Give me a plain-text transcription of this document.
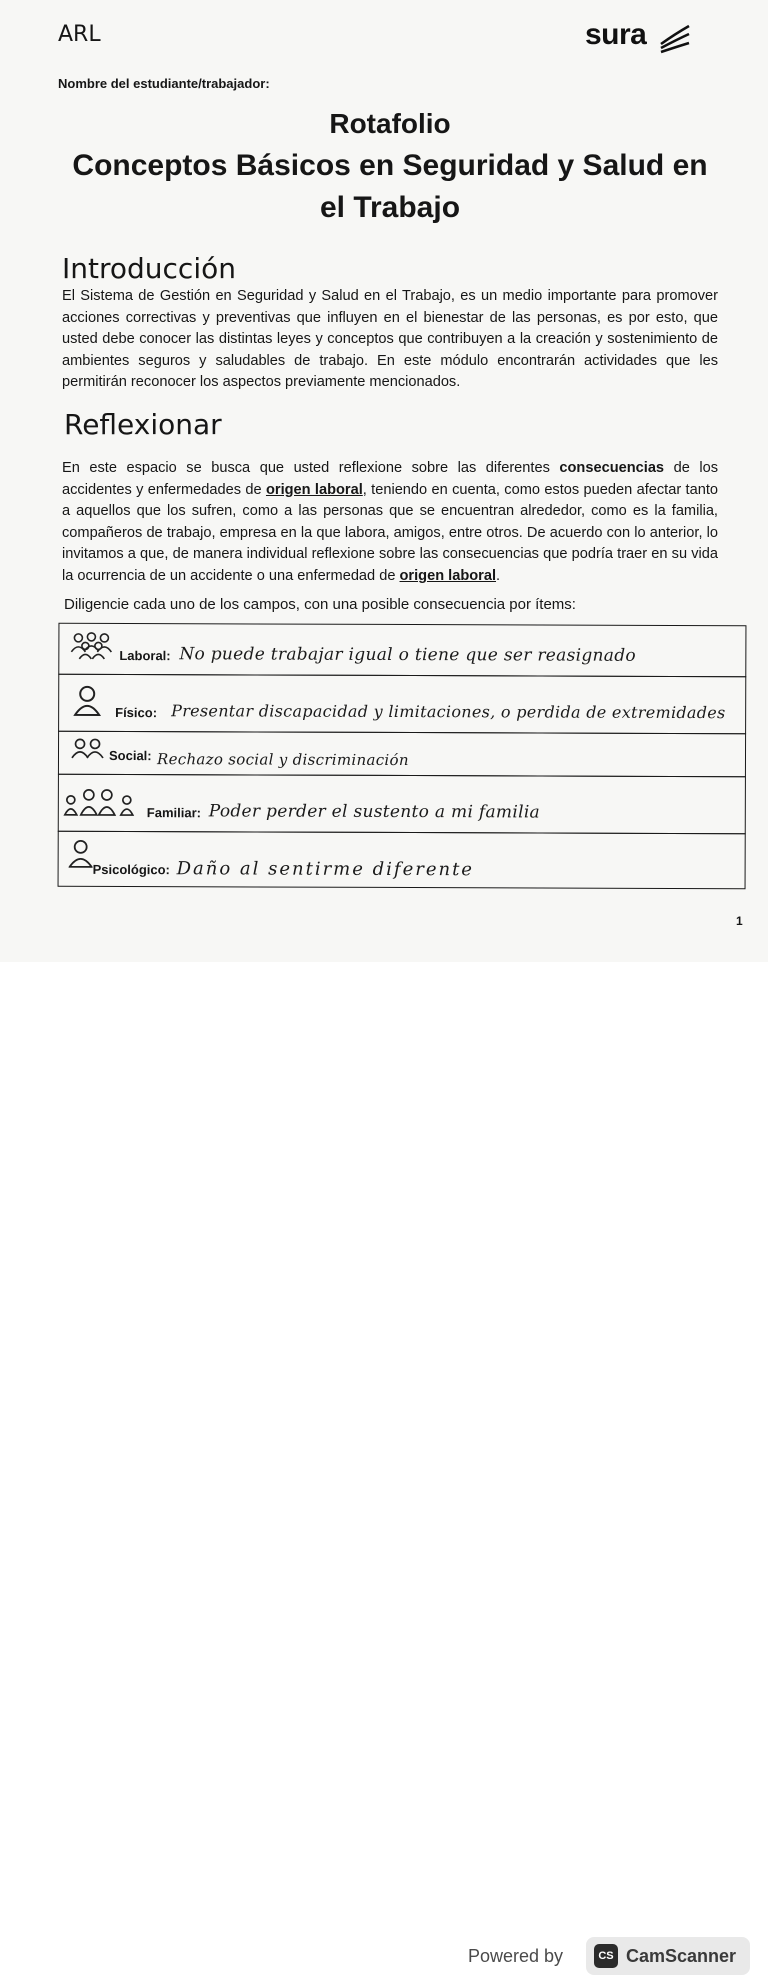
ARL	sura
Nombre del estudiante/trabajador:
Rotafolio
Conceptos Básicos en Seguridad y Salud en el Trabajo
Introducción
El Sistema de Gestión en Seguridad y Salud en el Trabajo, es un medio importante para promover acciones correctivas y preventivas que influyen en el bienestar de las personas, es por esto, que usted debe conocer las distintas leyes y conceptos que contribuyen a la creación y sostenimiento de ambientes seguros y saludables de trabajo. En este módulo encontrarán actividades que les permitirán reconocer los aspectos previamente mencionados.
Reflexionar
En este espacio se busca que usted reflexione sobre las diferentes consecuencias de los accidentes y enfermedades de origen laboral, teniendo en cuenta, como estos pueden afectar tanto a aquellos que los sufren, como a las personas que se encuentran alrededor, como es la familia, compañeros de trabajo, empresa en la que labora, amigos, entre otros. De acuerdo con lo anterior, lo invitamos a que, de manera individual reflexione sobre las consecuencias que podría traer en su vida la ocurrencia de un accidente o una enfermedad de origen laboral.
Diligencie cada uno de los campos, con una posible consecuencia por ítems:
Laboral: No puede trabajar igual o tiene que ser reasignado
Físico: Presentar discapacidad y limitaciones, o perdida de extremidades
Social: Rechazo social y discriminación
Familiar: Poder perder el sustento a mi familia
Psicológico: Daño al sentirme diferente
1
Powered by	CS CamScanner
